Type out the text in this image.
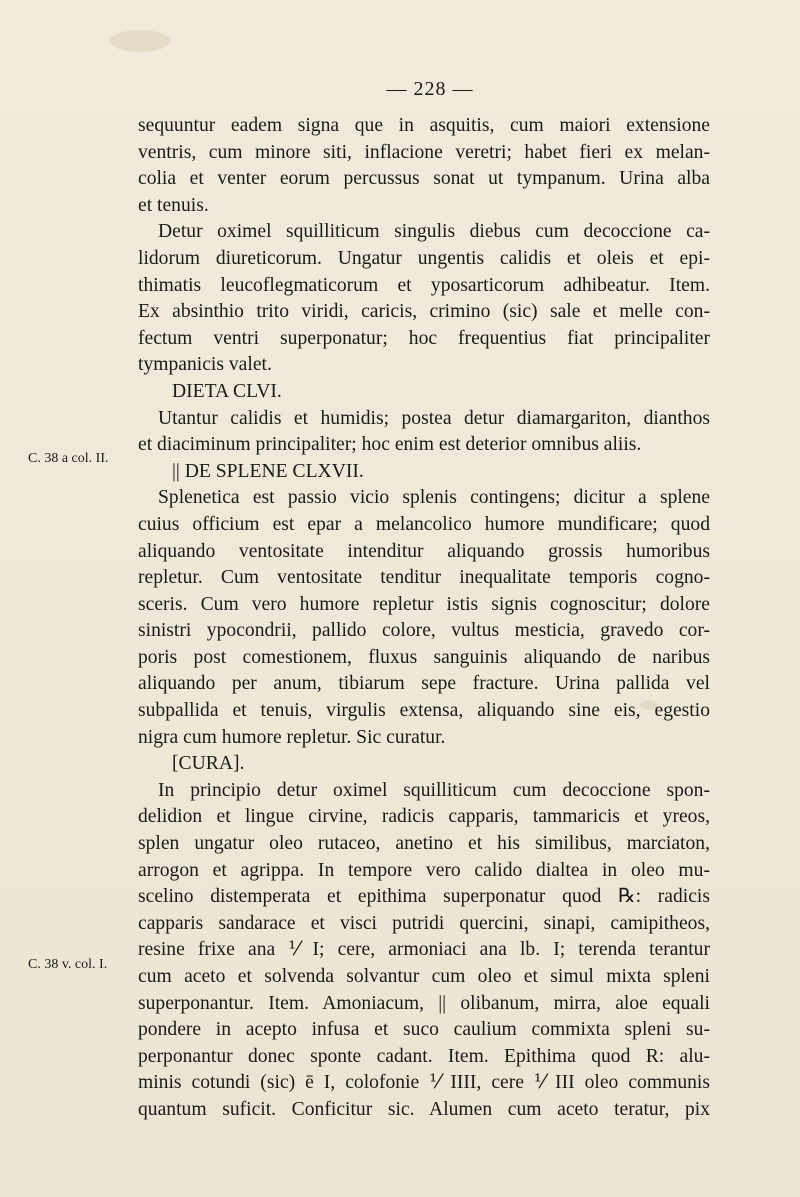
— 228 —
C. 38 a col. II.
C. 38 v. col. I.
sequuntur eadem signa que in asquitis, cum maiori extensione
ventris, cum minore siti, inflacione veretri; habet fieri ex melan-
colia et venter eorum percussus sonat ut tympanum. Urina alba
et tenuis.
Detur oximel squilliticum singulis diebus cum decoccione ca-
lidorum diureticorum. Ungatur ungentis calidis et oleis et epi-
thimatis leucoflegmaticorum et yposarticorum adhibeatur. Item.
Ex absinthio trito viridi, caricis, crimino (sic) sale et melle con-
fectum ventri superponatur; hoc frequentius fiat principaliter
tympanicis valet.
DIETA CLVI.
Utantur calidis et humidis; postea detur diamargariton, dianthos
et diaciminum principaliter; hoc enim est deterior omnibus aliis.
|| DE SPLENE CLXVII.
Splenetica est passio vicio splenis contingens; dicitur a splene
cuius officium est epar a melancolico humore mundificare; quod
aliquando ventositate intenditur aliquando grossis humoribus
repletur. Cum ventositate tenditur inequalitate temporis cogno-
sceris. Cum vero humore repletur istis signis cognoscitur; dolore
sinistri ypocondrii, pallido colore, vultus mesticia, gravedo cor-
poris post comestionem, fluxus sanguinis aliquando de naribus
aliquando per anum, tibiarum sepe fracture. Urina pallida vel
subpallida et tenuis, virgulis extensa, aliquando sine eis, egestio
nigra cum humore repletur. Sic curatur.
[CURA].
In principio detur oximel squilliticum cum decoccione spon-
delidion et lingue cirvine, radicis capparis, tammaricis et yreos,
splen ungatur oleo rutaceo, anetino et his similibus, marciaton,
arrogon et agrippa. In tempore vero calido dialtea in oleo mu-
scelino distemperata et epithima superponatur quod ℞: radicis
capparis sandarace et visci putridi quercini, sinapi, camipitheos,
resine frixe ana ⅟ I; cere, armoniaci ana lb. I; terenda terantur
cum aceto et solvenda solvantur cum oleo et simul mixta spleni
superponantur. Item. Amoniacum, || olibanum, mirra, aloe equali
pondere in acepto infusa et suco caulium commixta spleni su-
perponantur donec sponte cadant. Item. Epithima quod R: alu-
minis cotundi (sic) ē I, colofonie ⅟ IIII, cere ⅟ III oleo communis
quantum suficit. Conficitur sic. Alumen cum aceto teratur, pix
